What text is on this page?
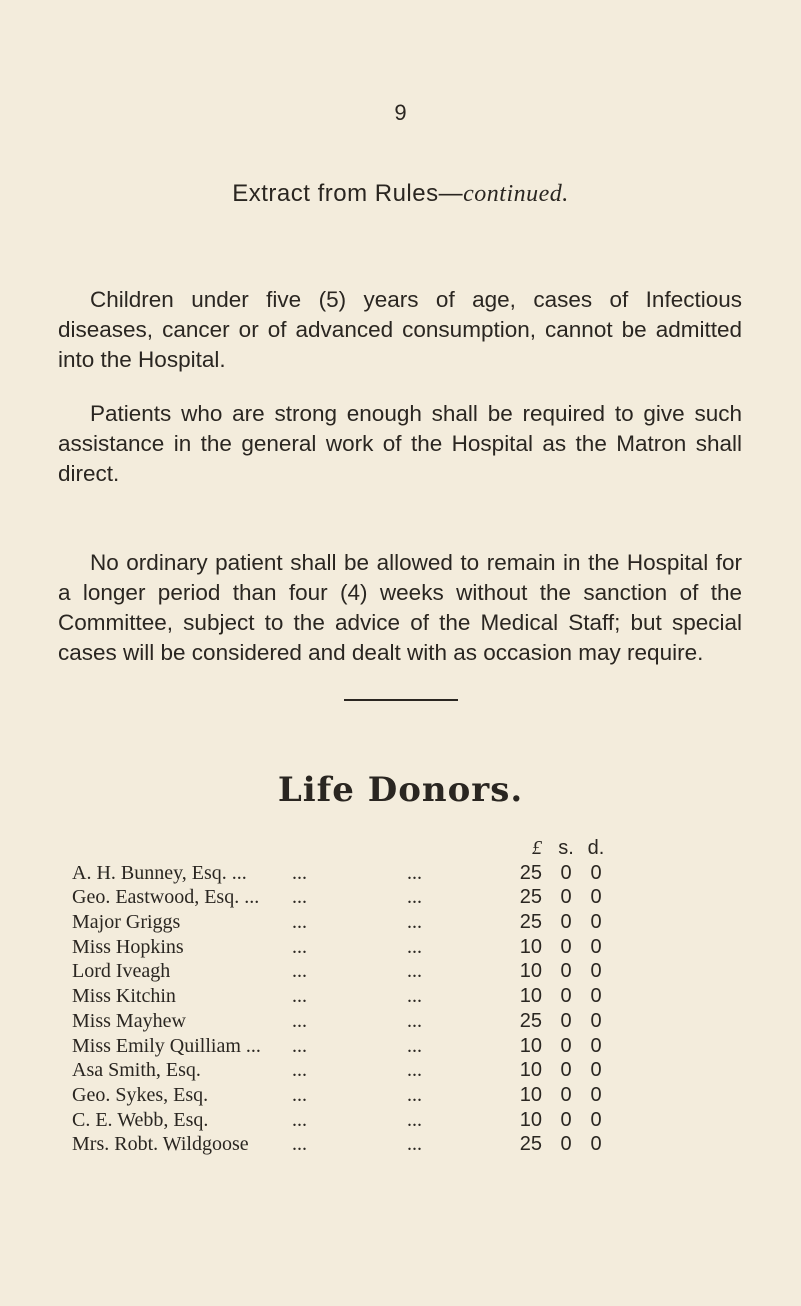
9
Extract from Rules—continued.

Children under five (5) years of age, cases of Infectious diseases, cancer or of advanced consumption, cannot be admitted into the Hospital.

Patients who are strong enough shall be required to give such assistance in the general work of the Hospital as the Matron shall direct.

No ordinary patient shall be allowed to remain in the Hospital for a longer period than four (4) weeks without the sanction of the Committee, subject to the advice of the Medical Staff; but special cases will be considered and dealt with as occasion may require.

Life Donors.
£ s. d.
A. H. Bunney, Esq. ... ...	...	25 0 0
Geo. Eastwood, Esq. ... ...	...	25 0 0
Major Griggs	...	...	25 0 0
Miss Hopkins	...	...	10 0 0
Lord Iveagh	...	...	10 0 0
Miss Kitchin	...	...	10 0 0
Miss Mayhew	...	...	25 0 0
Miss Emily Quilliam ... ...	...	10 0 0
Asa Smith, Esq.	...	...	10 0 0
Geo. Sykes, Esq.	...	...	10 0 0
C. E. Webb, Esq.	...	...	10 0 0
Mrs. Robt. Wildgoose ...	...	25 0 0
